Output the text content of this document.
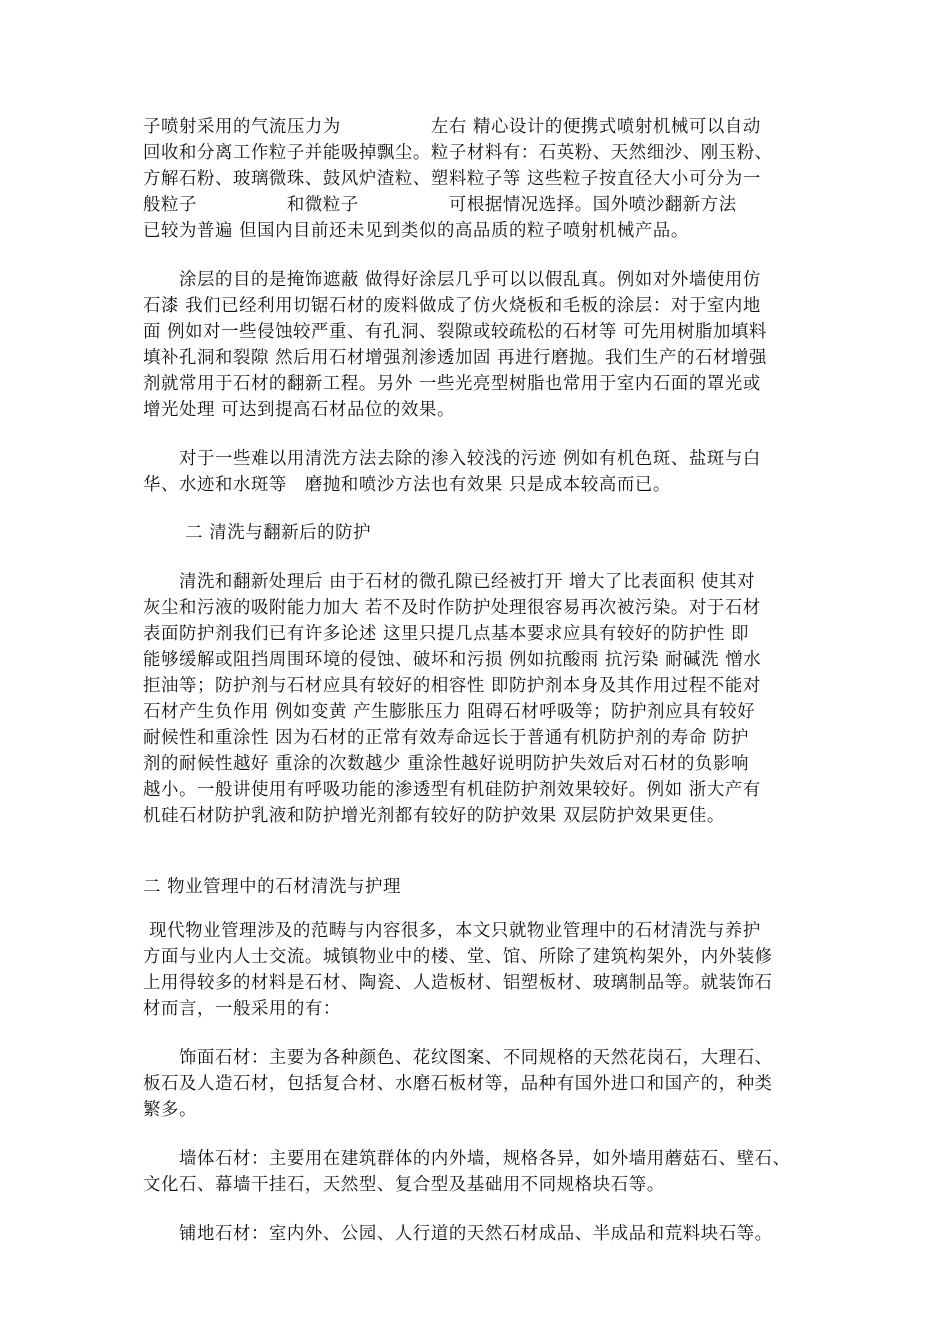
子喷射采用的气流压力为　　　　　左右 精心设计的便携式喷射机械可以自动
回收和分离工作粒子并能吸掉飘尘。粒子材料有：石英粉、天然细沙、刚玉粉、
方解石粉、玻璃微珠、鼓风炉渣粒、塑料粒子等 这些粒子按直径大小可分为一
般粒子　　　　　和微粒子　　　　　可根据情况选择。国外喷沙翻新方法
已较为普遍 但国内目前还未见到类似的高品质的粒子喷射机械产品。
　　涂层的目的是掩饰遮蔽 做得好涂层几乎可以以假乱真。例如对外墙使用仿
石漆 我们已经利用切锯石材的废料做成了仿火烧板和毛板的涂层：对于室内地
面 例如对一些侵蚀较严重、有孔洞、裂隙或较疏松的石材等 可先用树脂加填料
填补孔洞和裂隙 然后用石材增强剂渗透加固 再进行磨抛。我们生产的石材增强
剂就常用于石材的翻新工程。另外 一些光亮型树脂也常用于室内石面的罩光或
增光处理 可达到提高石材品位的效果。
　　对于一些难以用清洗方法去除的渗入较浅的污迹 例如有机色斑、盐斑与白
华、水迹和水斑等　磨抛和喷沙方法也有效果 只是成本较高而已。
　　 二 清洗与翻新后的防护
　　清洗和翻新处理后 由于石材的微孔隙已经被打开 增大了比表面积 使其对
灰尘和污液的吸附能力加大 若不及时作防护处理很容易再次被污染。对于石材
表面防护剂我们已有许多论述 这里只提几点基本要求应具有较好的防护性 即
能够缓解或阻挡周围环境的侵蚀、破坏和污损 例如抗酸雨 抗污染 耐碱洗 憎水
拒油等；防护剂与石材应具有较好的相容性 即防护剂本身及其作用过程不能对
石材产生负作用 例如变黄 产生膨胀压力 阻碍石材呼吸等；防护剂应具有较好
耐候性和重涂性 因为石材的正常有效寿命远长于普通有机防护剂的寿命 防护
剂的耐候性越好 重涂的次数越少 重涂性越好说明防护失效后对石材的负影响
越小。一般讲使用有呼吸功能的渗透型有机硅防护剂效果较好。例如 浙大产有
机硅石材防护乳液和防护增光剂都有较好的防护效果 双层防护效果更佳。
二 物业管理中的石材清洗与护理
现代物业管理涉及的范畴与内容很多，本文只就物业管理中的石材清洗与养护
方面与业内人士交流。城镇物业中的楼、堂、馆、所除了建筑构架外，内外装修
上用得较多的材料是石材、陶瓷、人造板材、铝塑板材、玻璃制品等。就装饰石
材而言，一般采用的有：
　　饰面石材：主要为各种颜色、花纹图案、不同规格的天然花岗石，大理石、
板石及人造石材，包括复合材、水磨石板材等，品种有国外进口和国产的，种类
繁多。
　　墙体石材：主要用在建筑群体的内外墙，规格各异，如外墙用蘑菇石、壁石、
文化石、幕墙干挂石，天然型、复合型及基础用不同规格块石等。
　　铺地石材：室内外、公园、人行道的天然石材成品、半成品和荒料块石等。
